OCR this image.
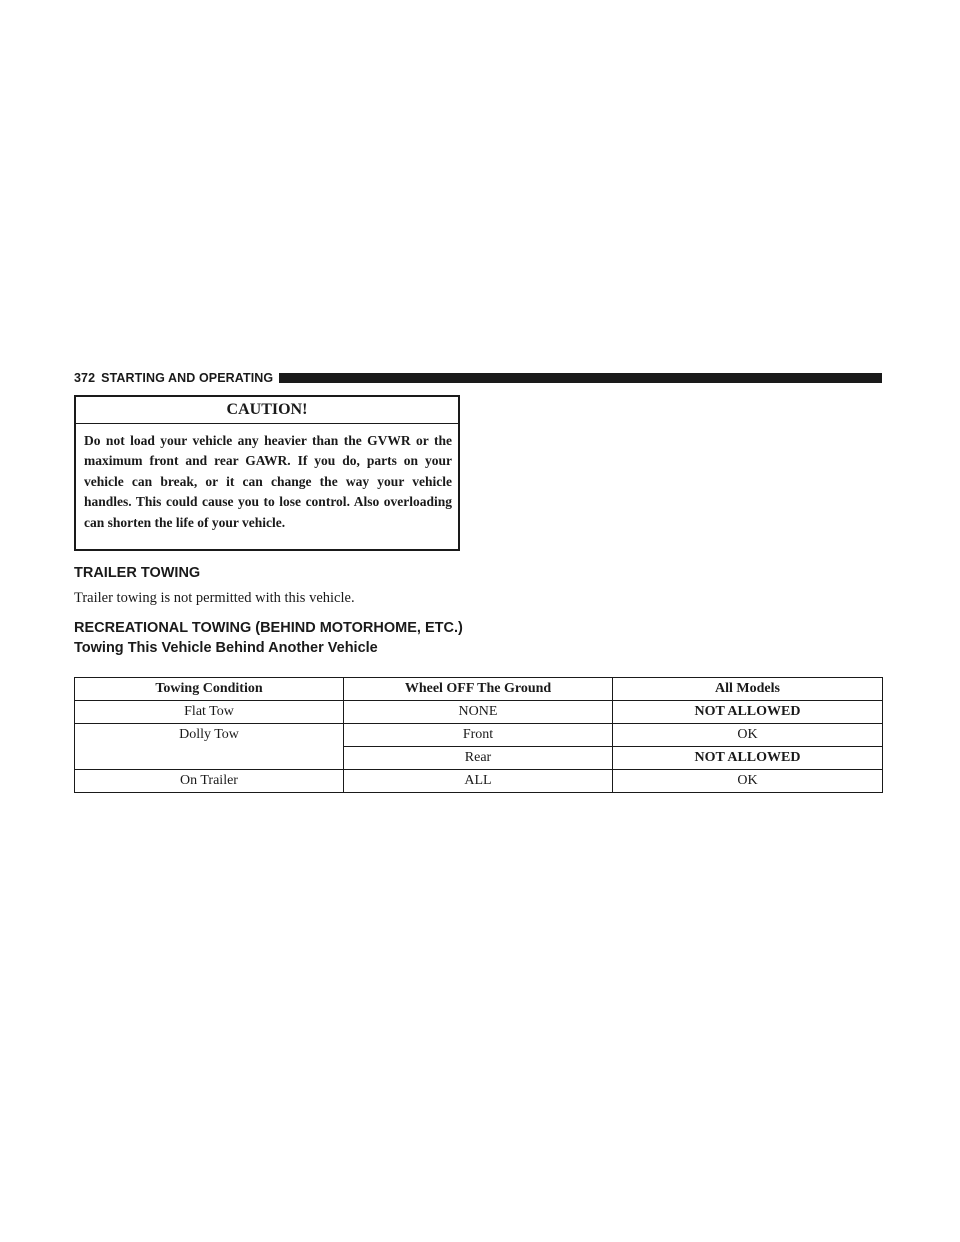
372 STARTING AND OPERATING
CAUTION!
Do not load your vehicle any heavier than the GVWR or the maximum front and rear GAWR. If you do, parts on your vehicle can break, or it can change the way your vehicle handles. This could cause you to lose control. Also overloading can shorten the life of your vehicle.
TRAILER TOWING
Trailer towing is not permitted with this vehicle.
RECREATIONAL TOWING (BEHIND MOTORHOME, ETC.)
Towing This Vehicle Behind Another Vehicle
Towing Condition	Wheel OFF The Ground	All Models
Flat Tow	NONE	NOT ALLOWED
Dolly Tow	Front	OK
	Rear	NOT ALLOWED
On Trailer	ALL	OK
